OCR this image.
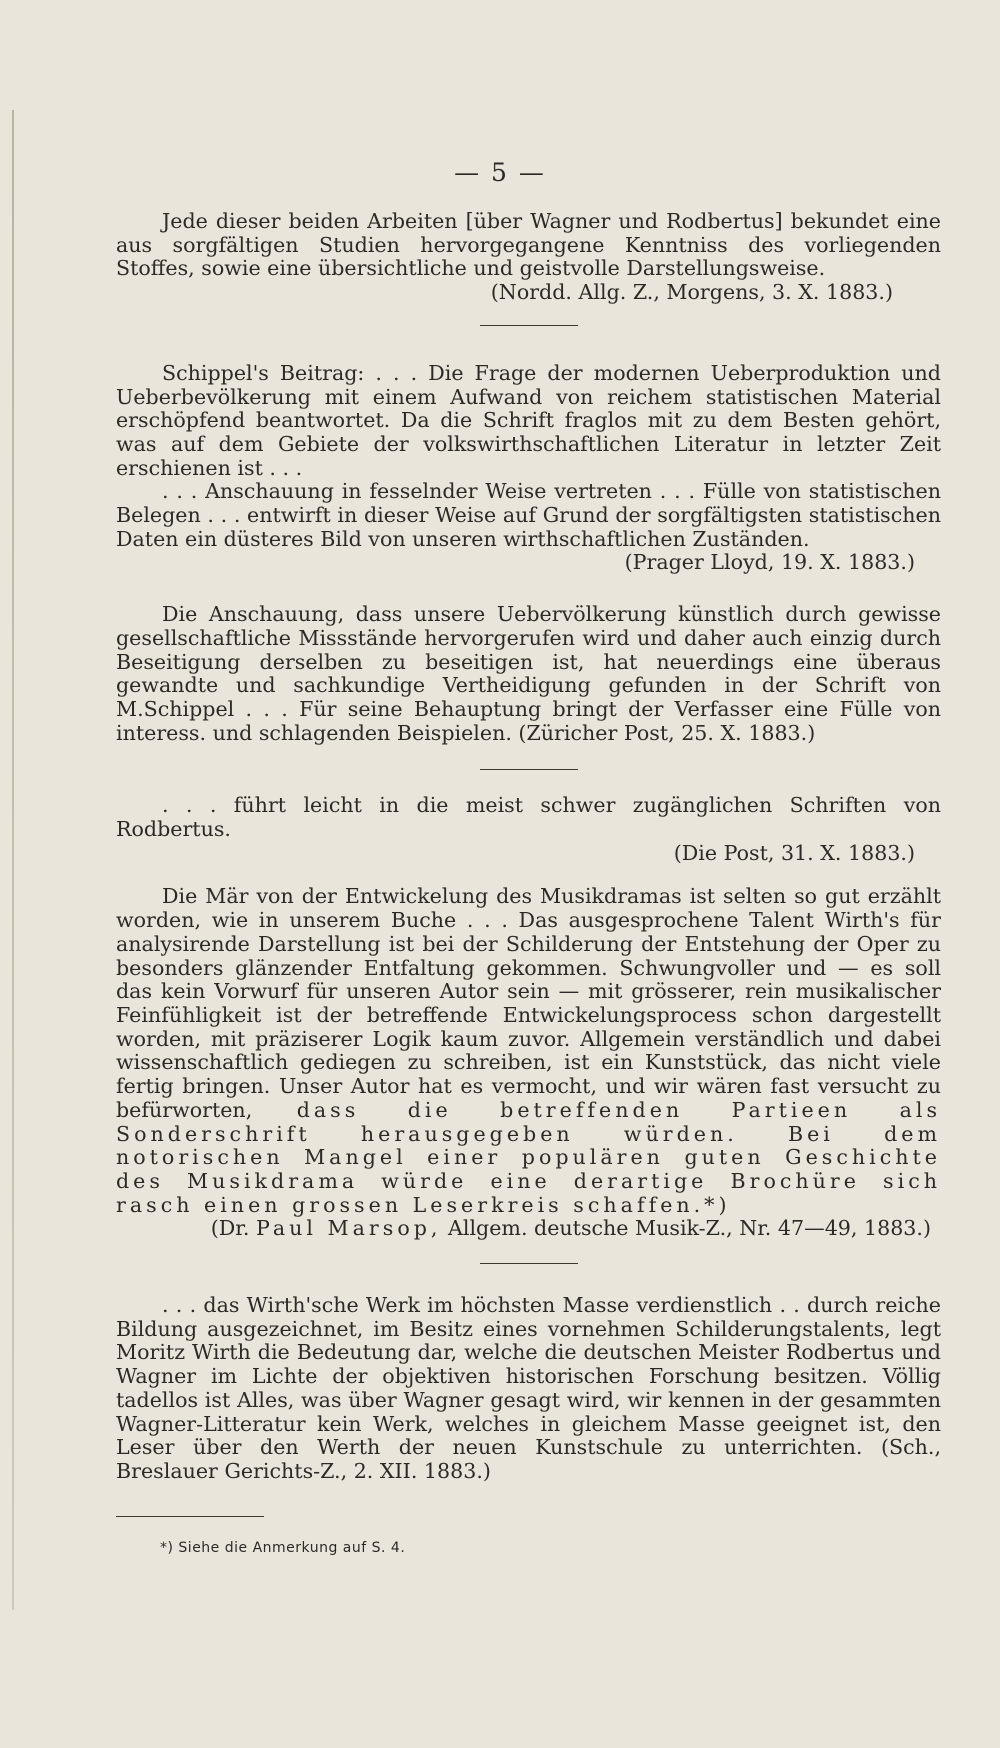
— 5 —

Jede dieser beiden Arbeiten [über Wagner und Rodbertus] bekundet eine aus sorgfältigen Studien hervorgegangene Kenntniss des vorliegenden Stoffes, sowie eine übersichtliche und geistvolle Darstellungsweise.

(Nordd. Allg. Z., Morgens, 3. X. 1883.)

Schippel's Beitrag: . . . Die Frage der modernen Ueberproduktion und Ueberbevölkerung mit einem Aufwand von reichem statistischen Material erschöpfend beantwortet. Da die Schrift fraglos mit zu dem Besten gehört, was auf dem Gebiete der volkswirthschaftlichen Literatur in letzter Zeit erschienen ist . . .

. . . Anschauung in fesselnder Weise vertreten . . . Fülle von statistischen Belegen . . . entwirft in dieser Weise auf Grund der sorgfältigsten statistischen Daten ein düsteres Bild von unseren wirthschaftlichen Zuständen.

(Prager Lloyd, 19. X. 1883.)

Die Anschauung, dass unsere Uebervölkerung künstlich durch gewisse gesellschaftliche Missstände hervorgerufen wird und daher auch einzig durch Beseitigung derselben zu beseitigen ist, hat neuerdings eine überaus gewandte und sachkundige Vertheidigung gefunden in der Schrift von M.Schippel . . . Für seine Behauptung bringt der Verfasser eine Fülle von interess. und schlagenden Beispielen. (Züricher Post, 25. X. 1883.)

. . . führt leicht in die meist schwer zugänglichen Schriften von Rodbertus.

(Die Post, 31. X. 1883.)

Die Mär von der Entwickelung des Musikdramas ist selten so gut erzählt worden, wie in unserem Buche . . . Das ausgesprochene Talent Wirth's für analysirende Darstellung ist bei der Schilderung der Entstehung der Oper zu besonders glänzender Entfaltung gekommen. Schwungvoller und — es soll das kein Vorwurf für unseren Autor sein — mit grösserer, rein musikalischer Feinfühligkeit ist der betreffende Entwickelungsprocess schon dargestellt worden, mit präziserer Logik kaum zuvor. Allgemein verständlich und dabei wissenschaftlich gediegen zu schreiben, ist ein Kunststück, das nicht viele fertig bringen. Unser Autor hat es vermocht, und wir wären fast versucht zu befürworten, dass die betreffenden Partieen als Sonderschrift herausgegeben würden. Bei dem notorischen Mangel einer populären guten Geschichte des Musikdrama würde eine derartige Brochüre sich rasch einen grossen Leserkreis schaffen.*)

(Dr. Paul Marsop, Allgem. deutsche Musik-Z., Nr. 47—49, 1883.)

. . . das Wirth'sche Werk im höchsten Masse verdienstlich . . durch reiche Bildung ausgezeichnet, im Besitz eines vornehmen Schilderungstalents, legt Moritz Wirth die Bedeutung dar, welche die deutschen Meister Rodbertus und Wagner im Lichte der objektiven historischen Forschung besitzen. Völlig tadellos ist Alles, was über Wagner gesagt wird, wir kennen in der gesammten Wagner-Litteratur kein Werk, welches in gleichem Masse geeignet ist, den Leser über den Werth der neuen Kunstschule zu unterrichten. (Sch., Breslauer Gerichts-Z., 2. XII. 1883.)

*) Siehe die Anmerkung auf S. 4.
